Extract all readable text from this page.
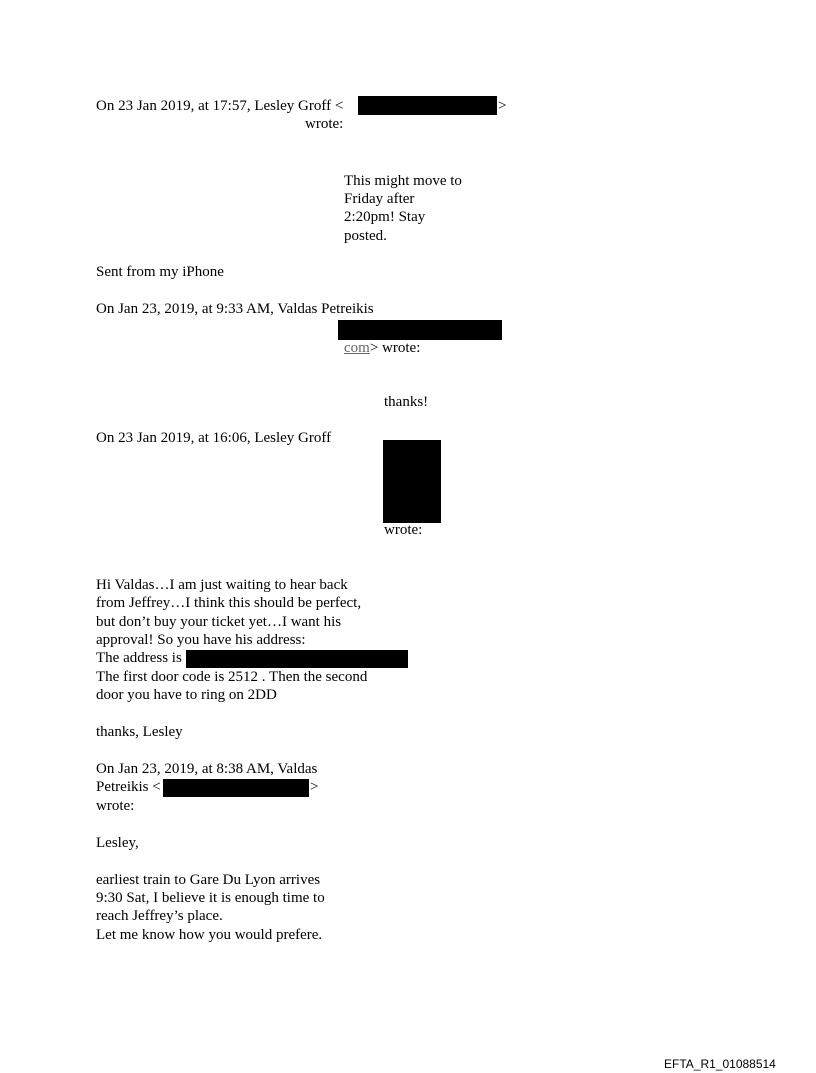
On 23 Jan 2019, at 17:57, Lesley Groff <	>
wrote:
This might move to
Friday after
2:20pm! Stay
posted.
Sent from my iPhone
On Jan 23, 2019, at 9:33 AM, Valdas Petreikis
com> wrote:
thanks!
On 23 Jan 2019, at 16:06, Lesley Groff
wrote:
Hi Valdas…I am just waiting to hear back
from Jeffrey…I think this should be perfect,
but don’t buy your ticket yet…I want his
approval! So you have his address:
The address is
The first door code is 2512 . Then the second
door you have to ring on 2DD
thanks, Lesley
On Jan 23, 2019, at 8:38 AM, Valdas
Petreikis <	>
wrote:
Lesley,
earliest train to Gare Du Lyon arrives
9:30 Sat, I believe it is enough time to
reach Jeffrey’s place.
Let me know how you would prefere.
EFTA_R1_01088514
